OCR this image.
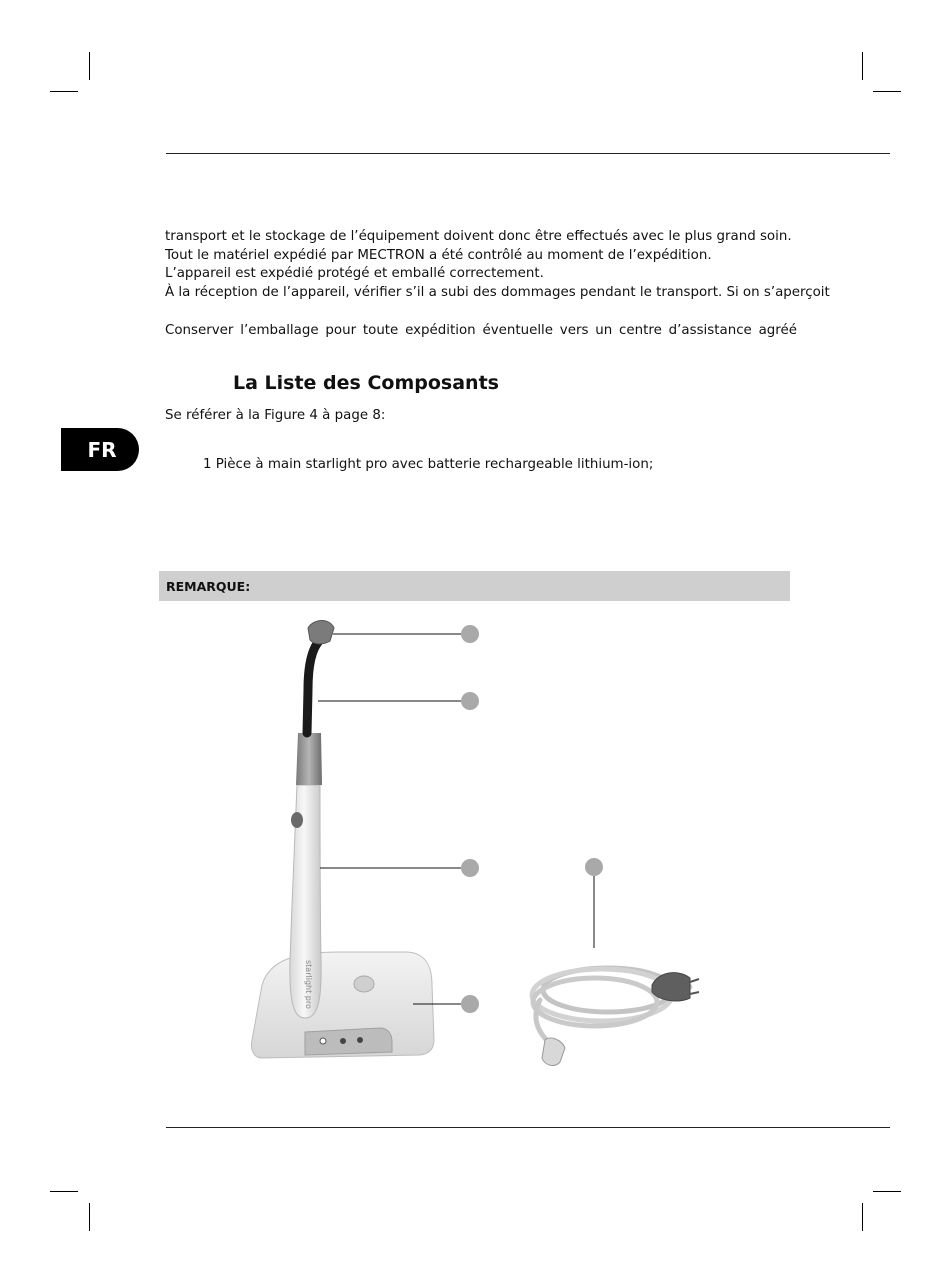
FR
transport et le stockage de l’équipement doivent donc être effectués avec le plus grand soin.
Tout le matériel expédié par MECTRON a été contrôlé au moment de l’expédition.
L’appareil est expédié protégé et emballé correctement.
À la réception de l’appareil, vérifier s’il a subi des dommages pendant le transport. Si on s’aperçoit
Conserver l’emballage pour toute expédition éventuelle vers un centre d’assistance agréé
La Liste des Composants
Se référer à la Figure 4 à page 8:
1 Pièce à main starlight pro avec batterie rechargeable lithium-ion;
REMARQUE:
starlight pro
